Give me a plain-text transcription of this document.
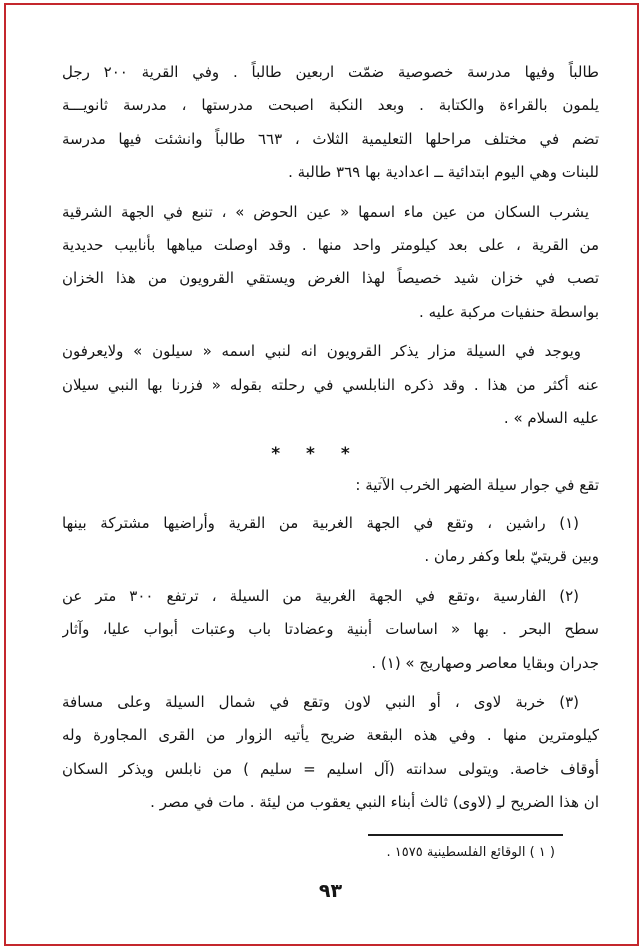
طالباً وفيها مدرسة خصوصية ضمّت اربعين طالباً . وفي القرية ٢٠٠ رجل
يلمون بالقراءة والكتابة . وبعد النكبة اصبحت مدرستها ، مدرسة ثانويـــة
تضم في مختلف مراحلها التعليمية الثلاث ، ٦٦٣ طالباً وانشئت فيها مدرسة
للبنات وهي اليوم ابتدائية ــ اعدادية بها ٣٦٩ طالبة .
يشرب السكان من عين ماء اسمها « عين الحوض » ، تنبع في الجهة الشرقية
من القرية ، على بعد كيلومتر واحد منها . وقد اوصلت مياهها بأنابيب حديدية
تصب في خزان شيد خصيصاً لهذا الغرض ويستقي القرويون من هذا الخزان
بواسطة حنفيات مركبة عليه .
ويوجد في السيلة مزار يذكر القرويون انه لنبي اسمه « سيلون » ولايعرفون
عنه أكثر من هذا . وقد ذكره النابلسي في رحلته بقوله « فزرنا بها النبي سيلان
عليه السلام » .
* * *
تقع في جوار سيلة الضهر الخرب الآتية :
(١) راشين ، وتقع في الجهة الغربية من القرية وأراضيها مشتركة بينها
وبين قريتيّ بلعا وكفر رمان .
(٢) الفارسية ،وتقع في الجهة الغربية من السيلة ، ترتفع ٣٠٠ متر عن
سطح البحر . بها « اساسات أبنية وعضادتا باب وعتبات أبواب عليا، وآثار
جدران وبقايا معاصر وصهاريج » (١) .
(٣) خربة لاوى ، أو النبي لاون وتقع في شمال السيلة وعلى مسافة
كيلومترين منها . وفي هذه البقعة ضريح يأتيه الزوار من القرى المجاورة وله
أوقاف خاصة. ويتولى سدانته (آل اسليم = سليم ) من نابلس ويذكر السكان
ان هذا الضريح لـِ (لاوى) ثالث أبناء النبي يعقوب من ليئة . مات في مصر .
( ١ ) الوقائع الفلسطينية ١٥٧٥ .
٩٣
